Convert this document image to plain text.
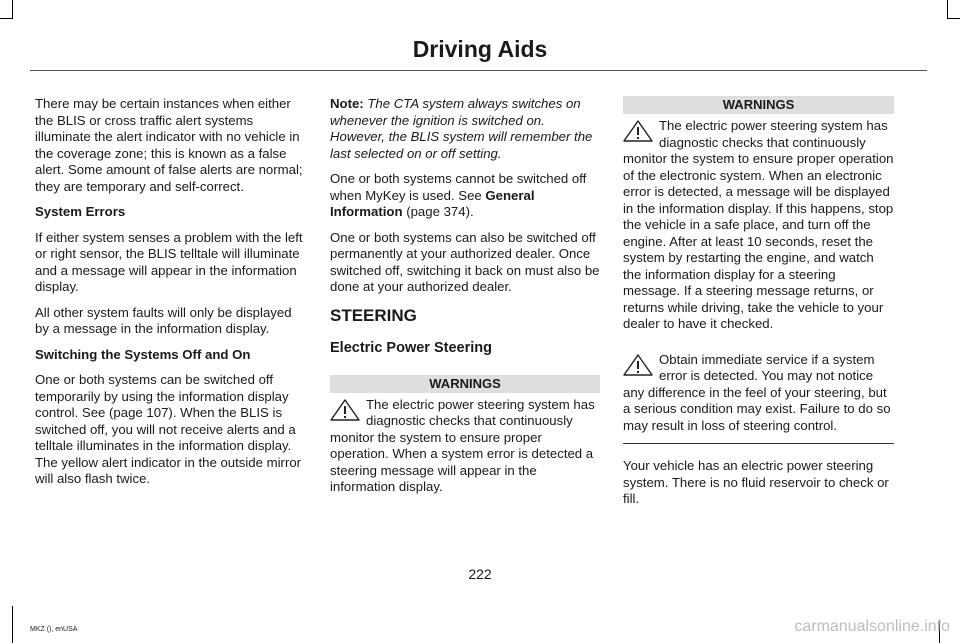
Driving Aids

There may be certain instances when either the BLIS or cross traffic alert systems illuminate the alert indicator with no vehicle in the coverage zone; this is known as a false alert. Some amount of false alerts are normal; they are temporary and self-correct.

System Errors

If either system senses a problem with the left or right sensor, the BLIS telltale will illuminate and a message will appear in the information display.

All other system faults will only be displayed by a message in the information display.

Switching the Systems Off and On

One or both systems can be switched off temporarily by using the information display control. See (page 107). When the BLIS is switched off, you will not receive alerts and a telltale illuminates in the information display. The yellow alert indicator in the outside mirror will also flash twice.

Note: The CTA system always switches on whenever the ignition is switched on. However, the BLIS system will remember the last selected on or off setting.

One or both systems cannot be switched off when MyKey is used. See General Information (page 374).

One or both systems can also be switched off permanently at your authorized dealer. Once switched off, switching it back on must also be done at your authorized dealer.

STEERING
Electric Power Steering
WARNINGS

The electric power steering system has diagnostic checks that continuously monitor the system to ensure proper operation. When a system error is detected a steering message will appear in the information display.

WARNINGS

The electric power steering system has diagnostic checks that continuously monitor the system to ensure proper operation of the electronic system. When an electronic error is detected, a message will be displayed in the information display. If this happens, stop the vehicle in a safe place, and turn off the engine. After at least 10 seconds, reset the system by restarting the engine, and watch the information display for a steering message. If a steering message returns, or returns while driving, take the vehicle to your dealer to have it checked.

Obtain immediate service if a system error is detected. You may not notice any difference in the feel of your steering, but a serious condition may exist. Failure to do so may result in loss of steering control.

Your vehicle has an electric power steering system. There is no fluid reservoir to check or fill.

222
MKZ (), enUSA	carmanualsonline.info
